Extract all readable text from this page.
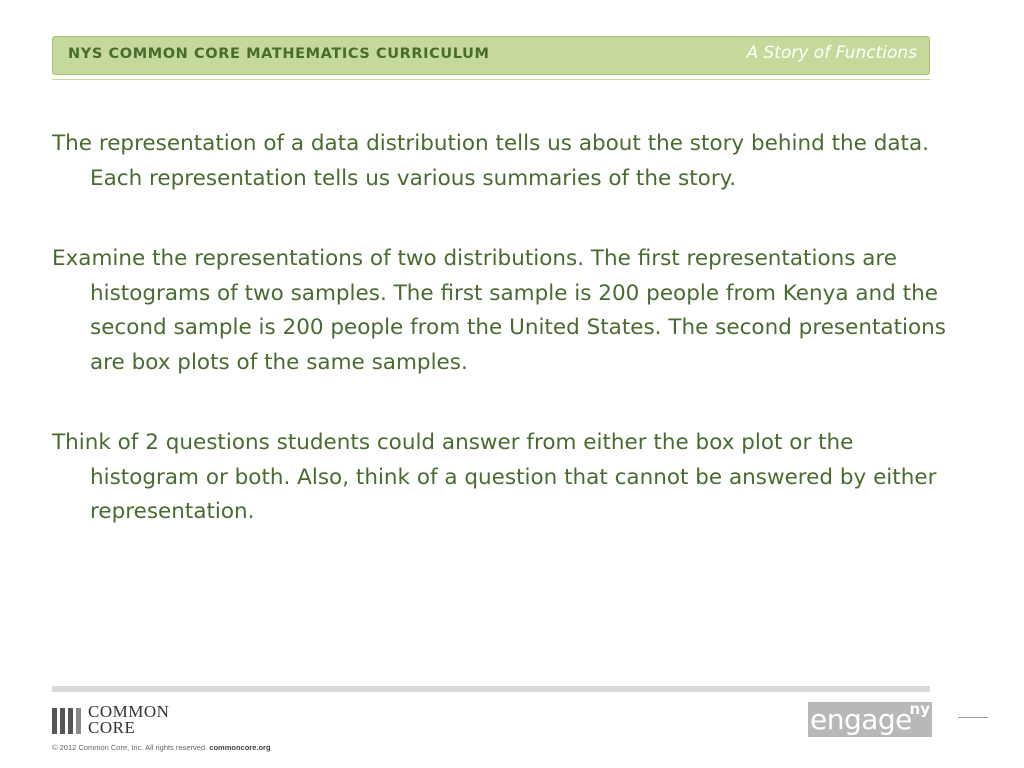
NYS COMMON CORE MATHEMATICS CURRICULUM	A Story of Functions

The representation of a data distribution tells us about the story behind the data. Each representation tells us various summaries of the story.

Examine the representations of two distributions. The first representations are histograms of two samples. The first sample is 200 people from Kenya and the second sample is 200 people from the United States. The second presentations are box plots of the same samples.

Think of 2 questions students could answer from either the box plot or the histogram or both. Also, think of a question that cannot be answered by either representation.

COMMON
CORE
© 2012 Common Core, Inc. All rights reserved. commoncore.org
engage
ny
